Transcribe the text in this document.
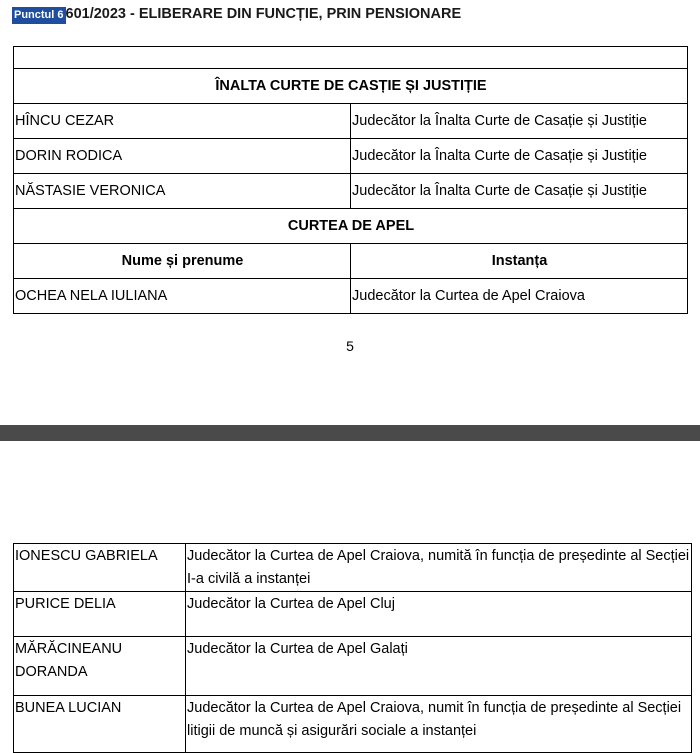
Punctul 6 601/2023 - ELIBERARE DIN FUNCȚIE, PRIN PENSIONARE

ÎNALTA CURTE DE CASȚIE ȘI JUSTIȚIE	
HÎNCU CEZAR	Judecător la Înalta Curte de Casație și Justiție
DORIN RODICA	Judecător la Înalta Curte de Casație și Justiție
NĂSTASIE VERONICA	Judecător la Înalta Curte de Casație și Justiție
CURTEA DE APEL	
Nume și prenume	Instanța
OCHEA NELA IULIANA	Judecător la Curtea de Apel Craiova
5
IONESCU GABRIELA	Judecător la Curtea de Apel Craiova, numită în funcția de președinte al Secției I-a civilă a instanței
PURICE DELIA	Judecător la Curtea de Apel Cluj
MĂRĂCINEANU DORANDA	Judecător la Curtea de Apel Galați
BUNEA LUCIAN	Judecător la Curtea de Apel Craiova, numit în funcția de președinte al Secției litigii de muncă și asigurări sociale a instanței
